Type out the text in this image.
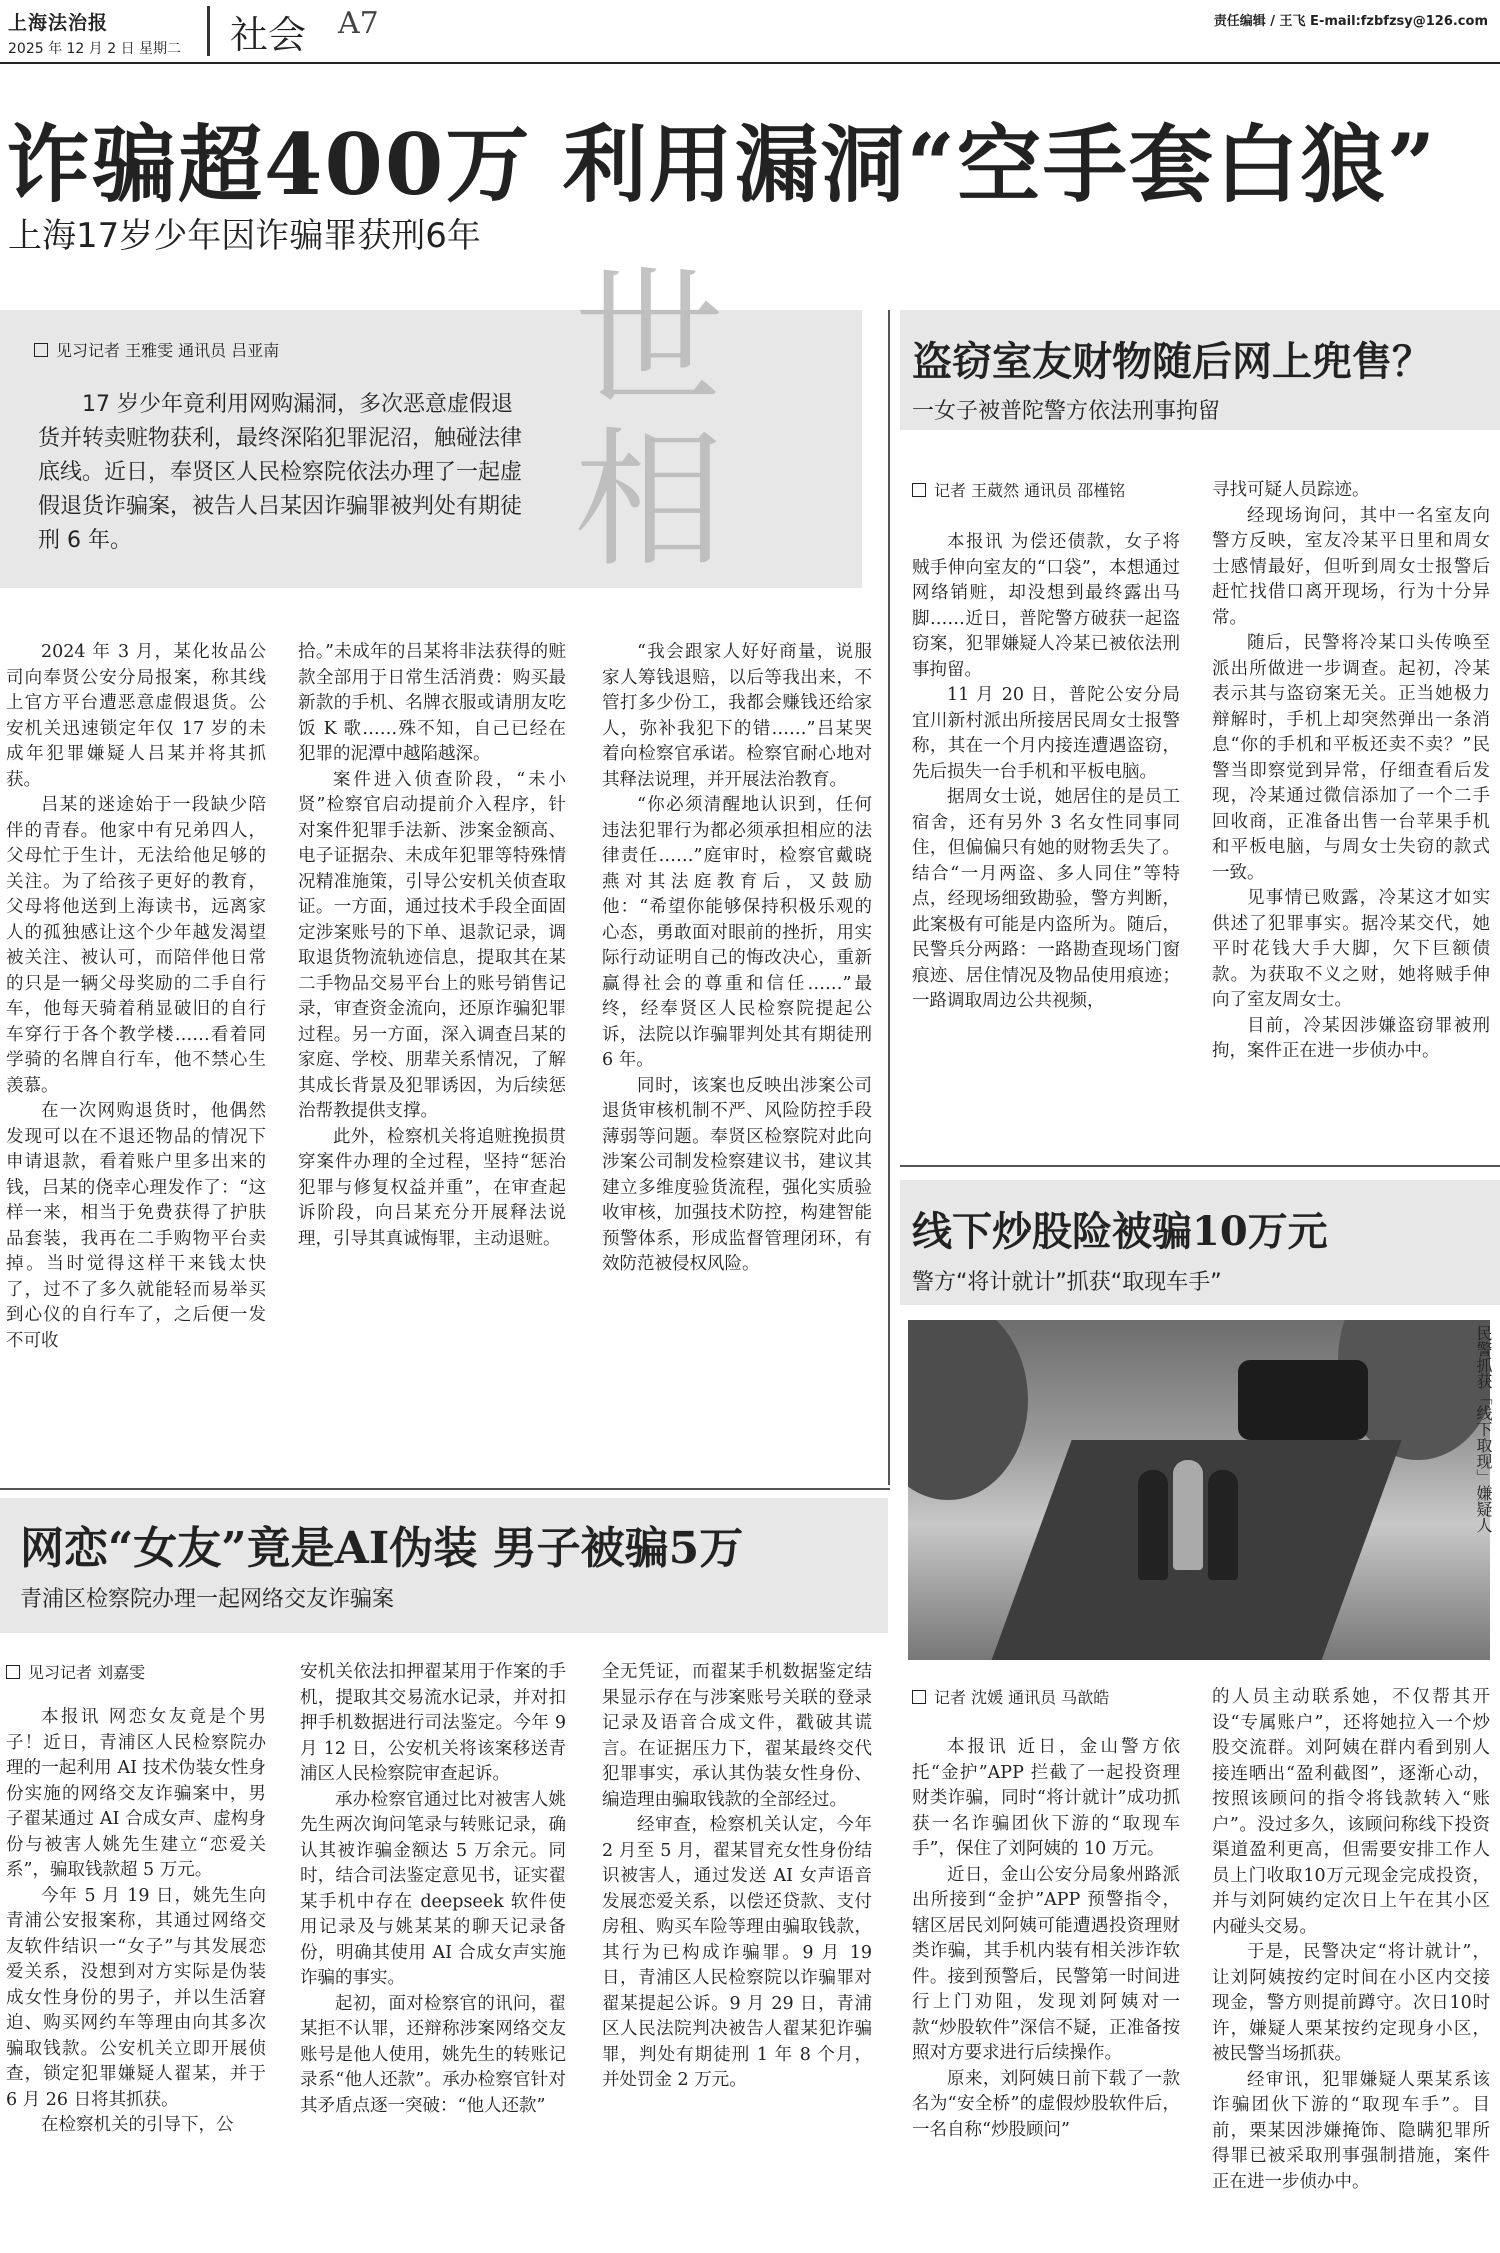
上海法治报
2025 年 12 月 2 日 星期二 社会 A7	责任编辑 / 王飞 E-mail:fzbfzsy@126.com
诈骗超400万 利用漏洞“空手套白狼”
上海17岁少年因诈骗罪获刑6年
世相
见习记者 王雅雯 通讯员 吕亚南
17 岁少年竟利用网购漏洞，多次恶意虚假退货并转卖赃物获利，最终深陷犯罪泥沼，触碰法律底线。近日，奉贤区人民检察院依法办理了一起虚假退货诈骗案，被告人吕某因诈骗罪被判处有期徒刑 6 年。

2024 年 3 月，某化妆品公司向奉贤公安分局报案，称其线上官方平台遭恶意虚假退货。公安机关迅速锁定年仅 17 岁的未成年犯罪嫌疑人吕某并将其抓获。

吕某的迷途始于一段缺少陪伴的青春。他家中有兄弟四人，父母忙于生计，无法给他足够的关注。为了给孩子更好的教育，父母将他送到上海读书，远离家人的孤独感让这个少年越发渴望被关注、被认可，而陪伴他日常的只是一辆父母奖励的二手自行车，他每天骑着稍显破旧的自行车穿行于各个教学楼……看着同学骑的名牌自行车，他不禁心生羡慕。

在一次网购退货时，他偶然发现可以在不退还物品的情况下申请退款，看着账户里多出来的钱，吕某的侥幸心理发作了：“这样一来，相当于免费获得了护肤品套装，我再在二手购物平台卖掉。当时觉得这样干来钱太快了，过不了多久就能轻而易举买到心仪的自行车了，之后便一发不可收

拾。”未成年的吕某将非法获得的赃款全部用于日常生活消费：购买最新款的手机、名牌衣服或请朋友吃饭 K 歌……殊不知，自己已经在犯罪的泥潭中越陷越深。

案件进入侦查阶段，“未小贤”检察官启动提前介入程序，针对案件犯罪手法新、涉案金额高、电子证据杂、未成年犯罪等特殊情况精准施策，引导公安机关侦查取证。一方面，通过技术手段全面固定涉案账号的下单、退款记录，调取退货物流轨迹信息，提取其在某二手物品交易平台上的账号销售记录，审查资金流向，还原诈骗犯罪过程。另一方面，深入调查吕某的家庭、学校、朋辈关系情况，了解其成长背景及犯罪诱因，为后续惩治帮教提供支撑。

此外，检察机关将追赃挽损贯穿案件办理的全过程，坚持“惩治犯罪与修复权益并重”，在审查起诉阶段，向吕某充分开展释法说理，引导其真诚悔罪，主动退赃。

“我会跟家人好好商量，说服家人筹钱退赔，以后等我出来，不管打多少份工，我都会赚钱还给家人，弥补我犯下的错……”吕某哭着向检察官承诺。检察官耐心地对其释法说理，并开展法治教育。

“你必须清醒地认识到，任何违法犯罪行为都必须承担相应的法律责任……”庭审时，检察官戴晓燕对其法庭教育后，又鼓励他：“希望你能够保持积极乐观的心态，勇敢面对眼前的挫折，用实际行动证明自己的悔改决心，重新赢得社会的尊重和信任……”最终，经奉贤区人民检察院提起公诉，法院以诈骗罪判处其有期徒刑 6 年。

同时，该案也反映出涉案公司退货审核机制不严、风险防控手段薄弱等问题。奉贤区检察院对此向涉案公司制发检察建议书，建议其建立多维度验货流程，强化实质验收审核，加强技术防控，构建智能预警体系，形成监督管理闭环，有效防范被侵权风险。

盗窃室友财物随后网上兜售？
一女子被普陀警方依法刑事拘留
记者 王葳然 通讯员 邵槿铭

本报讯 为偿还债款，女子将贼手伸向室友的“口袋”，本想通过网络销赃，却没想到最终露出马脚……近日，普陀警方破获一起盗窃案，犯罪嫌疑人冷某已被依法刑事拘留。

11 月 20 日，普陀公安分局宜川新村派出所接居民周女士报警称，其在一个月内接连遭遇盗窃，先后损失一台手机和平板电脑。

据周女士说，她居住的是员工宿舍，还有另外 3 名女性同事同住，但偏偏只有她的财物丢失了。结合“一月两盗、多人同住”等特点，经现场细致勘验，警方判断，此案极有可能是内盗所为。随后，民警兵分两路：一路勘查现场门窗痕迹、居住情况及物品使用痕迹；一路调取周边公共视频，

寻找可疑人员踪迹。

经现场询问，其中一名室友向警方反映，室友冷某平日里和周女士感情最好，但听到周女士报警后赶忙找借口离开现场，行为十分异常。

随后，民警将冷某口头传唤至派出所做进一步调查。起初，冷某表示其与盗窃案无关。正当她极力辩解时，手机上却突然弹出一条消息“你的手机和平板还卖不卖？”民警当即察觉到异常，仔细查看后发现，冷某通过微信添加了一个二手回收商，正准备出售一台苹果手机和平板电脑，与周女士失窃的款式一致。

见事情已败露，冷某这才如实供述了犯罪事实。据冷某交代，她平时花钱大手大脚，欠下巨额债款。为获取不义之财，她将贼手伸向了室友周女士。

目前，冷某因涉嫌盗窃罪被刑拘，案件正在进一步侦办中。

线下炒股险被骗10万元
警方“将计就计”抓获“取现车手”
民警抓获「线下取现」嫌疑人
记者 沈媛 通讯员 马歆皓

本报讯 近日，金山警方依托“金护”APP 拦截了一起投资理财类诈骗，同时“将计就计”成功抓获一名诈骗团伙下游的“取现车手”，保住了刘阿姨的 10 万元。

近日，金山公安分局象州路派出所接到“金护”APP 预警指令，辖区居民刘阿姨可能遭遇投资理财类诈骗，其手机内装有相关涉诈软件。接到预警后，民警第一时间进行上门劝阻，发现刘阿姨对一款“炒股软件”深信不疑，正准备按照对方要求进行后续操作。

原来，刘阿姨日前下载了一款名为“安全桥”的虚假炒股软件后，一名自称“炒股顾问”

的人员主动联系她，不仅帮其开设“专属账户”，还将她拉入一个炒股交流群。刘阿姨在群内看到别人接连晒出“盈利截图”，逐渐心动，按照该顾问的指令将钱款转入“账户”。没过多久，该顾问称线下投资渠道盈利更高，但需要安排工作人员上门收取10万元现金完成投资，并与刘阿姨约定次日上午在其小区内碰头交易。

于是，民警决定“将计就计”，让刘阿姨按约定时间在小区内交接现金，警方则提前蹲守。次日10时许，嫌疑人栗某按约定现身小区，被民警当场抓获。

经审讯，犯罪嫌疑人栗某系该诈骗团伙下游的“取现车手”。目前，栗某因涉嫌掩饰、隐瞒犯罪所得罪已被采取刑事强制措施，案件正在进一步侦办中。

网恋“女友”竟是AI伪装 男子被骗5万
青浦区检察院办理一起网络交友诈骗案
见习记者 刘嘉雯

本报讯 网恋女友竟是个男子！近日，青浦区人民检察院办理的一起利用 AI 技术伪装女性身份实施的网络交友诈骗案中，男子翟某通过 AI 合成女声、虚构身份与被害人姚先生建立“恋爱关系”，骗取钱款超 5 万元。

今年 5 月 19 日，姚先生向青浦公安报案称，其通过网络交友软件结识一“女子”与其发展恋爱关系，没想到对方实际是伪装成女性身份的男子，并以生活窘迫、购买网约车等理由向其多次骗取钱款。公安机关立即开展侦查，锁定犯罪嫌疑人翟某，并于 6 月 26 日将其抓获。

在检察机关的引导下，公

安机关依法扣押翟某用于作案的手机，提取其交易流水记录，并对扣押手机数据进行司法鉴定。今年 9 月 12 日，公安机关将该案移送青浦区人民检察院审查起诉。

承办检察官通过比对被害人姚先生两次询问笔录与转账记录，确认其被诈骗金额达 5 万余元。同时，结合司法鉴定意见书，证实翟某手机中存在 deepseek 软件使用记录及与姚某某的聊天记录备份，明确其使用 AI 合成女声实施诈骗的事实。

起初，面对检察官的讯问，翟某拒不认罪，还辩称涉案网络交友账号是他人使用，姚先生的转账记录系“他人还款”。承办检察官针对其矛盾点逐一突破：“他人还款”

全无凭证，而翟某手机数据鉴定结果显示存在与涉案账号关联的登录记录及语音合成文件，戳破其谎言。在证据压力下，翟某最终交代犯罪事实，承认其伪装女性身份、编造理由骗取钱款的全部经过。

经审查，检察机关认定，今年 2 月至 5 月，翟某冒充女性身份结识被害人，通过发送 AI 女声语音发展恋爱关系，以偿还贷款、支付房租、购买车险等理由骗取钱款，其行为已构成诈骗罪。9 月 19 日，青浦区人民检察院以诈骗罪对翟某提起公诉。9 月 29 日，青浦区人民法院判决被告人翟某犯诈骗罪，判处有期徒刑 1 年 8 个月，并处罚金 2 万元。
